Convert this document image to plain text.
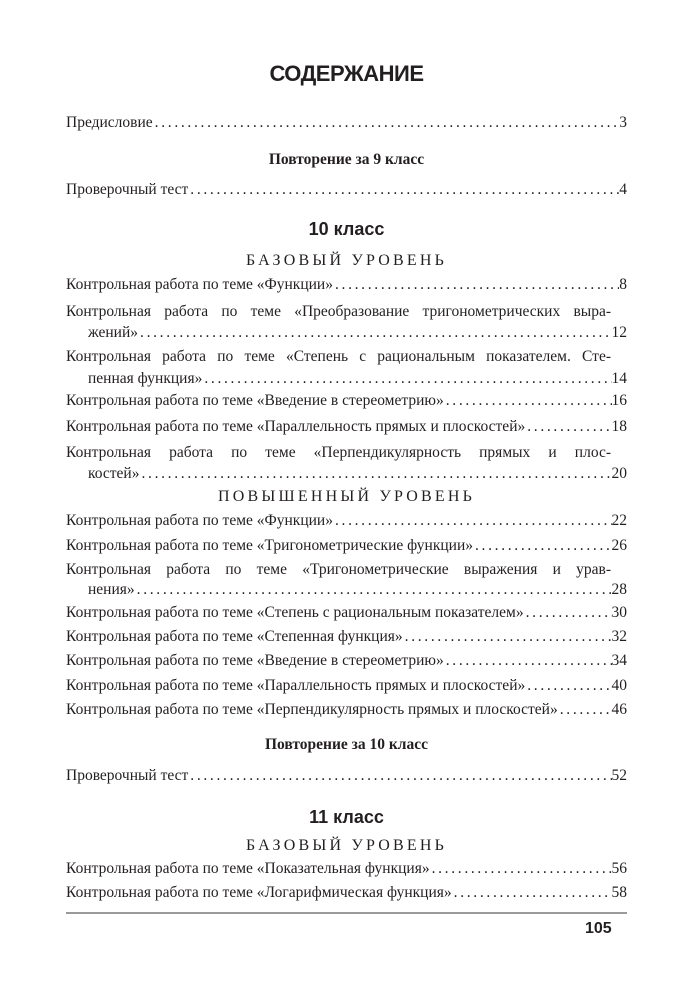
СОДЕРЖАНИЕ
Предисловие . . .	3
Повторение за 9 класс
Проверочный тест . . .	4
10 класс
БАЗОВЫЙ УРОВЕНЬ
Контрольная работа по теме «Функции» . . .	8
Контрольная работа по теме «Преобразование тригонометрических выра-
жений» . . .	12
Контрольная работа по теме «Степень с рациональным показателем. Сте-
пенная функция» . . .	14
Контрольная работа по теме «Введение в стереометрию» . . .	16
Контрольная работа по теме «Параллельность прямых и плоскостей» . . .	18
Контрольная работа по теме «Перпендикулярность прямых и плос-
костей» . . .	20
ПОВЫШЕННЫЙ УРОВЕНЬ
Контрольная работа по теме «Функции» . . .	22
Контрольная работа по теме «Тригонометрические функции» . . .	26
Контрольная работа по теме «Тригонометрические выражения и урав-
нения» . . .	28
Контрольная работа по теме «Степень с рациональным показателем» . . .	30
Контрольная работа по теме «Степенная функция» . . .	32
Контрольная работа по теме «Введение в стереометрию» . . .	34
Контрольная работа по теме «Параллельность прямых и плоскостей» . . .	40
Контрольная работа по теме «Перпендикулярность прямых и плоскостей» . . .	46
Повторение за 10 класс
Проверочный тест . . .	52
11 класс
БАЗОВЫЙ УРОВЕНЬ
Контрольная работа по теме «Показательная функция» . . .	56
Контрольная работа по теме «Логарифмическая функция» . . .	58
105
